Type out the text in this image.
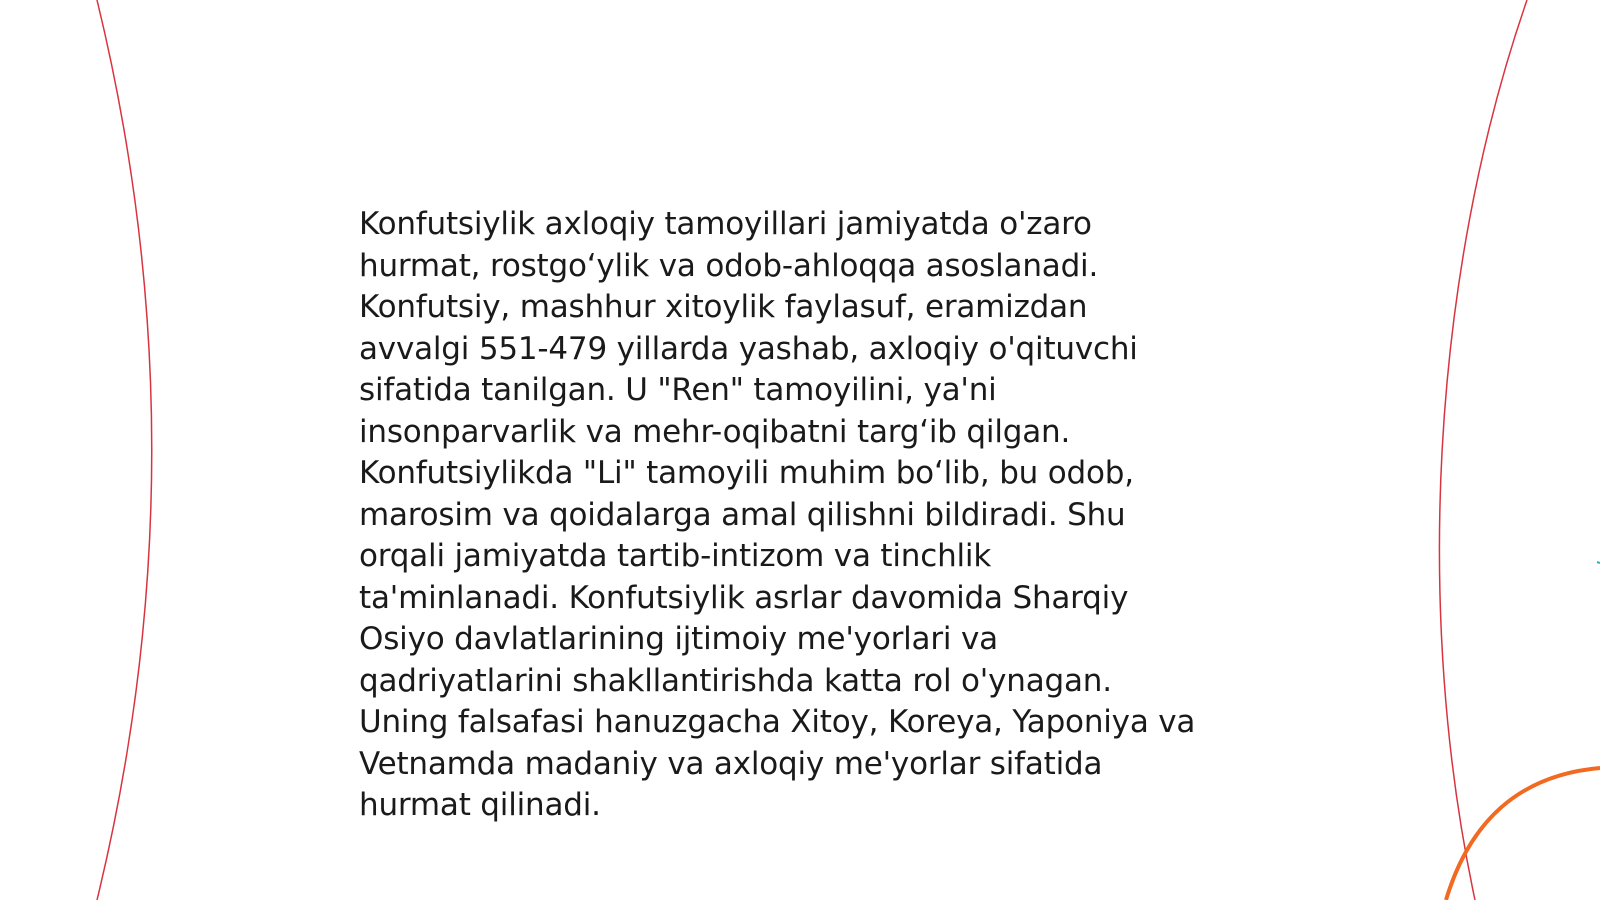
Konfutsiylik axloqiy tamoyillari jamiyatda o'zaro
hurmat, rostgo‘ylik va odob-ahloqqa asoslanadi.
Konfutsiy, mashhur xitoylik faylasuf, eramizdan
avvalgi 551-479 yillarda yashab, axloqiy o'qituvchi
sifatida tanilgan. U "Ren" tamoyilini, ya'ni
insonparvarlik va mehr-oqibatni targ‘ib qilgan.
Konfutsiylikda "Li" tamoyili muhim bo‘lib, bu odob,
marosim va qoidalarga amal qilishni bildiradi. Shu
orqali jamiyatda tartib-intizom va tinchlik
ta'minlanadi. Konfutsiylik asrlar davomida Sharqiy
Osiyo davlatlarining ijtimoiy me'yorlari va
qadriyatlarini shakllantirishda katta rol o'ynagan.
Uning falsafasi hanuzgacha Xitoy, Koreya, Yaponiya va
Vetnamda madaniy va axloqiy me'yorlar sifatida
hurmat qilinadi.
